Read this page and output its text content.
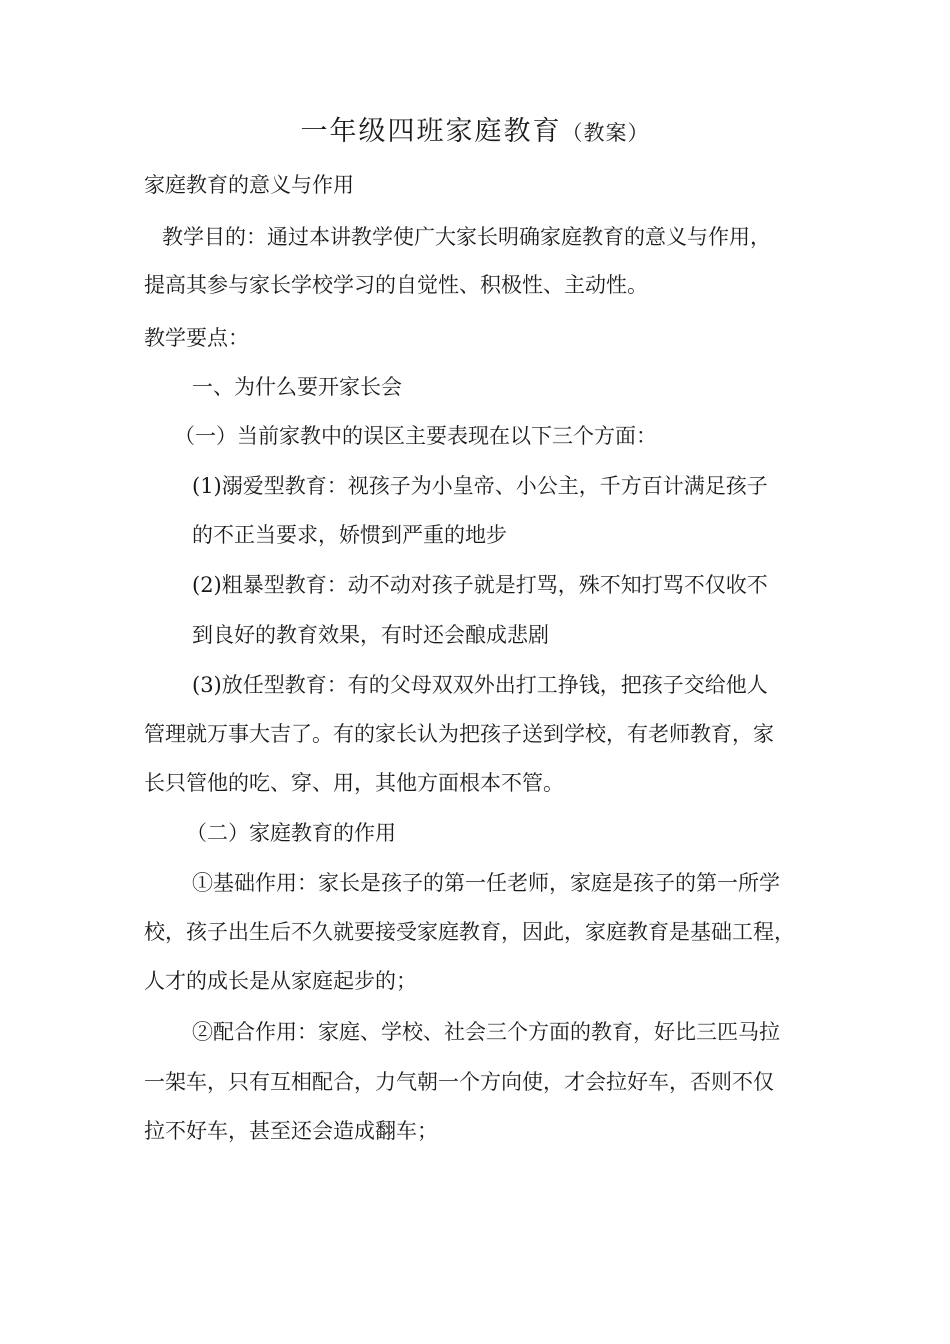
一年级四班家庭教育（教案）
家庭教育的意义与作用
教学目的：通过本讲教学使广大家长明确家庭教育的意义与作用，
提高其参与家长学校学习的自觉性、积极性、主动性。
教学要点：
一、为什么要开家长会
（一）当前家教中的误区主要表现在以下三个方面：
(1)溺爱型教育：视孩子为小皇帝、小公主，千方百计满足孩子
的不正当要求，娇惯到严重的地步
(2)粗暴型教育：动不动对孩子就是打骂，殊不知打骂不仅收不
到良好的教育效果，有时还会酿成悲剧
(3)放任型教育：有的父母双双外出打工挣钱，把孩子交给他人
管理就万事大吉了。有的家长认为把孩子送到学校，有老师教育，家
长只管他的吃、穿、用，其他方面根本不管。
（二）家庭教育的作用
①基础作用：家长是孩子的第一任老师，家庭是孩子的第一所学
校，孩子出生后不久就要接受家庭教育，因此，家庭教育是基础工程，
人才的成长是从家庭起步的；
②配合作用：家庭、学校、社会三个方面的教育，好比三匹马拉
一架车，只有互相配合，力气朝一个方向使，才会拉好车，否则不仅
拉不好车，甚至还会造成翻车；
